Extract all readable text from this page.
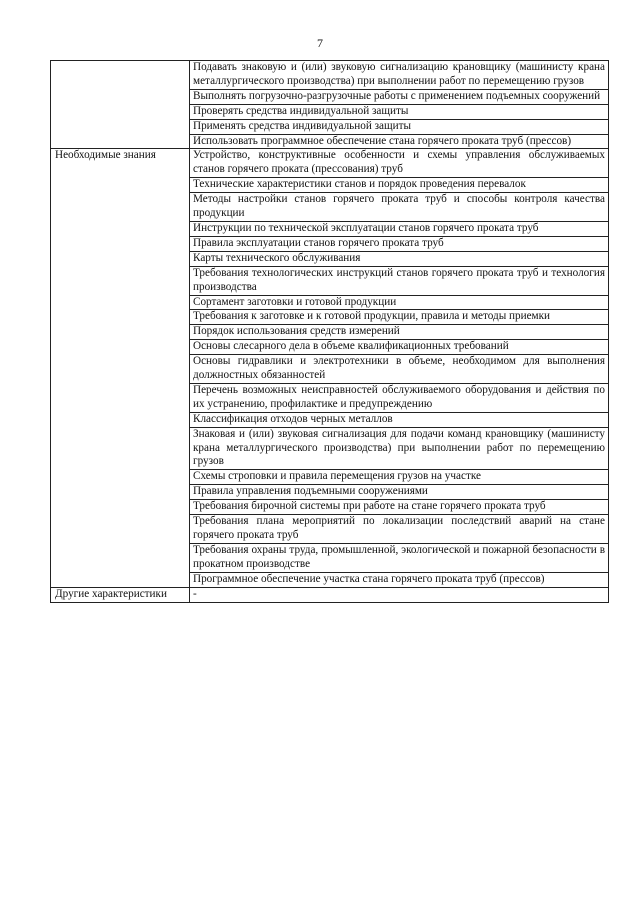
7
	Подавать знаковую и (или) звуковую сигнализацию крановщику (машинисту крана металлургического производства) при выполнении работ по перемещению грузов
	Выполнять погрузочно-разгрузочные работы с применением подъемных сооружений
	Проверять средства индивидуальной защиты
	Применять средства индивидуальной защиты
	Использовать программное обеспечение стана горячего проката труб (прессов)
Необходимые знания	Устройство, конструктивные особенности и схемы управления обслуживаемых станов горячего проката (прессования) труб
	Технические характеристики станов и порядок проведения перевалок
	Методы настройки станов горячего проката труб и способы контроля качества продукции
	Инструкции по технической эксплуатации станов горячего проката труб
	Правила эксплуатации станов горячего проката труб
	Карты технического обслуживания
	Требования технологических инструкций станов горячего проката труб и технология производства
	Сортамент заготовки и готовой продукции
	Требования к заготовке и к готовой продукции, правила и методы приемки
	Порядок использования средств измерений
	Основы слесарного дела в объеме квалификационных требований
	Основы гидравлики и электротехники в объеме, необходимом для выполнения должностных обязанностей
	Перечень возможных неисправностей обслуживаемого оборудования и действия по их устранению, профилактике и предупреждению
	Классификация отходов черных металлов
	Знаковая и (или) звуковая сигнализация для подачи команд крановщику (машинисту крана металлургического производства) при выполнении работ по перемещению грузов
	Схемы строповки и правила перемещения грузов на участке
	Правила управления подъемными сооружениями
	Требования бирочной системы при работе на стане горячего проката труб
	Требования плана мероприятий по локализации последствий аварий на стане горячего проката труб
	Требования охраны труда, промышленной, экологической и пожарной безопасности в прокатном производстве
	Программное обеспечение участка стана горячего проката труб (прессов)
Другие характеристики	-
